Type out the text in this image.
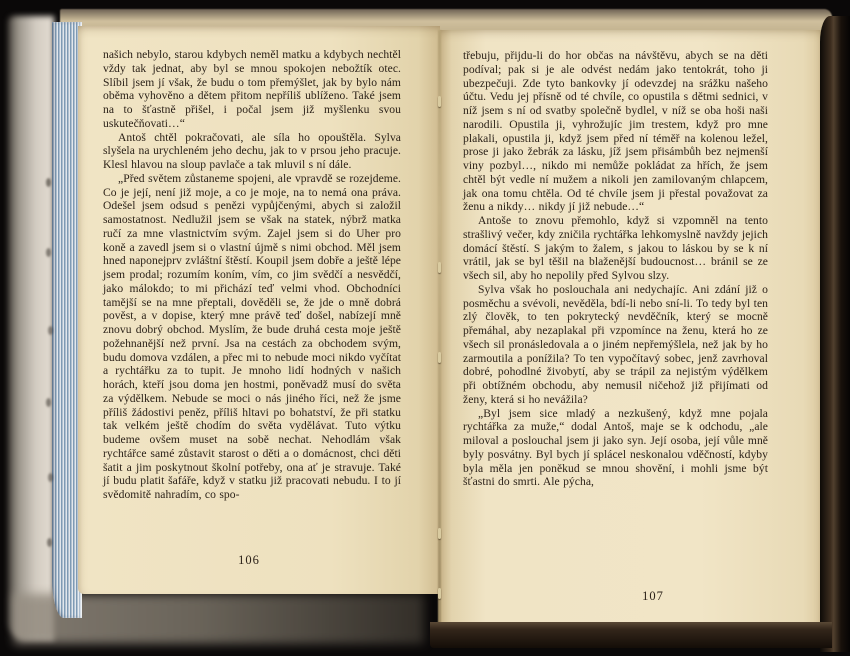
našich nebylo, starou kdybych neměl matku a kdybych nechtěl vždy tak jednat, aby byl se mnou spokojen nebožtík otec. Slíbil jsem jí však, že budu o tom přemýšlet, jak by bylo nám oběma vyhověno a dětem přitom nepříliš ublíženo. Také jsem na to šťastně přišel, i počal jsem již myšlenku svou uskutečňovati…“

Antoš chtěl pokračovati, ale síla ho opouštěla. Sylva slyšela na urychleném jeho dechu, jak to v prsou jeho pracuje. Klesl hlavou na sloup pavlače a tak mluvil s ní dále.

„Před světem zůstaneme spojeni, ale vpravdě se rozejdeme. Co je její, není již moje, a co je moje, na to nemá ona práva. Odešel jsem odsud s penězi vypůjčenými, abych si založil samostatnost. Nedlužil jsem se však na statek, nýbrž matka ručí za mne vlastnictvím svým. Zajel jsem si do Uher pro koně a zavedl jsem si o vlastní újmě s nimi obchod. Měl jsem hned naponejprv zvláštní štěstí. Koupil jsem dobře a ještě lépe jsem prodal; rozumím koním, vím, co jim svědčí a nesvědčí, jako málokdo; to mi přichází teď velmi vhod. Obchodníci tamější se na mne přeptali, dověděli se, že jde o mně dobrá pověst, a v dopise, který mne právě teď došel, nabízejí mně znovu dobrý obchod. Myslím, že bude druhá cesta moje ještě požehnanější než první. Jsa na cestách za obchodem svým, budu domova vzdálen, a přec mi to nebude moci nikdo vyčítat a rychtářku za to tupit. Je mnoho lidí hodných v našich horách, kteří jsou doma jen hostmi, poněvadž musí do světa za výdělkem. Nebude se moci o nás jiného říci, než že jsme příliš žádostivi peněz, příliš hltavi po bohatství, že při statku tak velkém ještě chodím do světa vydělávat. Tuto výtku budeme ovšem muset na sobě nechat. Nehodlám však rychtářce samé zůstavit starost o děti a o domácnost, chci děti šatit a jim poskytnout školní potřeby, ona ať je stravuje. Také jí budu platit šafáře, když v statku již pracovati nebudu. I to jí svědomitě nahradím, co spo-

106

třebuju, přijdu-li do hor občas na návštěvu, abych se na děti podíval; pak si je ale odvést nedám jako tentokrát, toho ji ubezpečuji. Zde tyto bankovky jí odevzdej na srážku našeho účtu. Vedu jej přísně od té chvíle, co opustila s dětmi sednici, v níž jsem s ní od svatby společně bydlel, v níž se oba hoši naši narodili. Opustila ji, vyhrožujíc jim trestem, když pro mne plakali, opustila ji, když jsem před ní téměř na kolenou ležel, prose ji jako žebrák za lásku, jíž jsem přisámbůh bez nejmenší viny pozbyl…, nikdo mi nemůže pokládat za hřích, že jsem chtěl být vedle ní mužem a nikoli jen zamilovaným chlapcem, jak ona tomu chtěla. Od té chvíle jsem ji přestal považovat za ženu a nikdy… nikdy jí již nebude…“

Antoše to znovu přemohlo, když si vzpomněl na tento strašlivý večer, kdy zničila rychtářka lehkomyslně navždy jejich domácí štěstí. S jakým to žalem, s jakou to láskou by se k ní vrátil, jak se byl těšil na blaženější budoucnost… bránil se ze všech sil, aby ho nepolily před Sylvou slzy.

Sylva však ho poslouchala ani nedychajíc. Ani zdání již o posměchu a svévoli, nevěděla, bdí-li nebo sní-li. To tedy byl ten zlý člověk, to ten pokrytecký nevděčník, který se mocně přemáhal, aby nezaplakal při vzpomínce na ženu, která ho ze všech sil pronásledovala a o jiném nepřemýšlela, než jak by ho zarmoutila a ponížila? To ten vypočítavý sobec, jenž zavrhoval dobré, pohodlné živobytí, aby se trápil za nejistým výdělkem při obtížném obchodu, aby nemusil ničehož již přijímati od ženy, která si ho nevážila?

„Byl jsem sice mladý a nezkušený, když mne pojala rychtářka za muže,“ dodal Antoš, maje se k odchodu, „ale miloval a poslouchal jsem ji jako syn. Její osoba, její vůle mně byly posvátny. Byl bych jí splácel neskonalou vděčností, kdyby byla měla jen poněkud se mnou shovění, i mohli jsme být šťastni do smrti. Ale pýcha,

107
